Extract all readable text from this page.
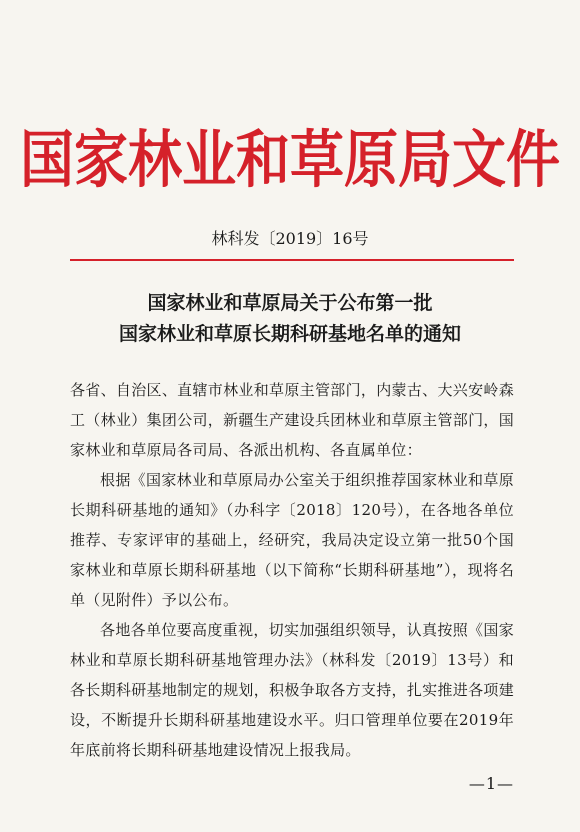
国家林业和草原局文件
林科发〔2019〕16号
国家林业和草原局关于公布第一批
国家林业和草原长期科研基地名单的通知

各省、自治区、直辖市林业和草原主管部门，内蒙古、大兴安岭森工（林业）集团公司，新疆生产建设兵团林业和草原主管部门，国家林业和草原局各司局、各派出机构、各直属单位：

根据《国家林业和草原局办公室关于组织推荐国家林业和草原长期科研基地的通知》（办科字〔2018〕120号），在各地各单位推荐、专家评审的基础上，经研究，我局决定设立第一批50个国家林业和草原长期科研基地（以下简称“长期科研基地”），现将名单（见附件）予以公布。

各地各单位要高度重视，切实加强组织领导，认真按照《国家林业和草原长期科研基地管理办法》（林科发〔2019〕13号）和各长期科研基地制定的规划，积极争取各方支持，扎实推进各项建设，不断提升长期科研基地建设水平。归口管理单位要在2019年年底前将长期科研基地建设情况上报我局。

—1—
